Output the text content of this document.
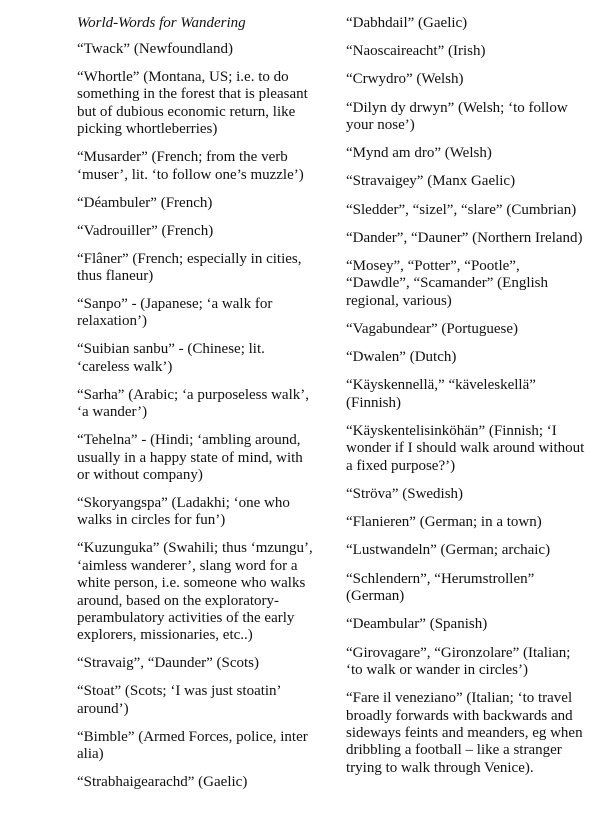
World-Words for Wandering
“Twack” (Newfoundland)
“Whortle” (Montana, US; i.e. to do something in the forest that is pleasant but of dubious economic return, like picking whortleberries)
“Musarder” (French; from the verb ‘muser’, lit. ‘to follow one’s muzzle’)
“Déambuler” (French)
“Vadrouiller” (French)
“Flâner” (French; especially in cities, thus flaneur)
“Sanpo” - (Japanese; ‘a walk for relaxation’)
“Suibian sanbu” - (Chinese; lit. ‘careless walk’)
“Sarha” (Arabic; ‘a purposeless walk’, ‘a wander’)
“Tehelna” - (Hindi; ‘ambling around, usually in a happy state of mind, with or without company)
“Skoryangspa” (Ladakhi; ‘one who walks in circles for fun’)
“Kuzunguka” (Swahili; thus ‘mzungu’, ‘aimless wanderer’, slang word for a white person, i.e. someone who walks around, based on the exploratory-perambulatory activities of the early explorers, missionaries, etc..)
“Stravaig”, “Daunder” (Scots)
“Stoat” (Scots; ‘I was just stoatin’ around’)
“Bimble” (Armed Forces, police, inter alia)
“Strabhaigearachd” (Gaelic)
“Dabhdail” (Gaelic)
“Naoscaireacht” (Irish)
“Crwydro” (Welsh)
“Dilyn dy drwyn” (Welsh; ‘to follow your nose’)
“Mynd am dro” (Welsh)
“Stravaigey” (Manx Gaelic)
“Sledder”, “sizel”, “slare” (Cumbrian)
“Dander”, “Dauner” (Northern Ireland)
“Mosey”, “Potter”, “Pootle”, “Dawdle”, “Scamander” (English regional, various)
“Vagabundear” (Portuguese)
“Dwalen” (Dutch)
“Käyskennellä,” “käveleskellä” (Finnish)
“Käyskentelisinköhän” (Finnish; ‘I wonder if I should walk around without a fixed purpose?’)
“Ströva” (Swedish)
“Flanieren” (German; in a town)
“Lustwandeln” (German; archaic)
“Schlendern”, “Herumstrollen” (German)
“Deambular” (Spanish)
“Girovagare”, “Gironzolare” (Italian; ‘to walk or wander in circles’)
“Fare il veneziano” (Italian; ‘to travel broadly forwards with backwards and sideways feints and meanders, eg when dribbling a football – like a stranger trying to walk through Venice).
